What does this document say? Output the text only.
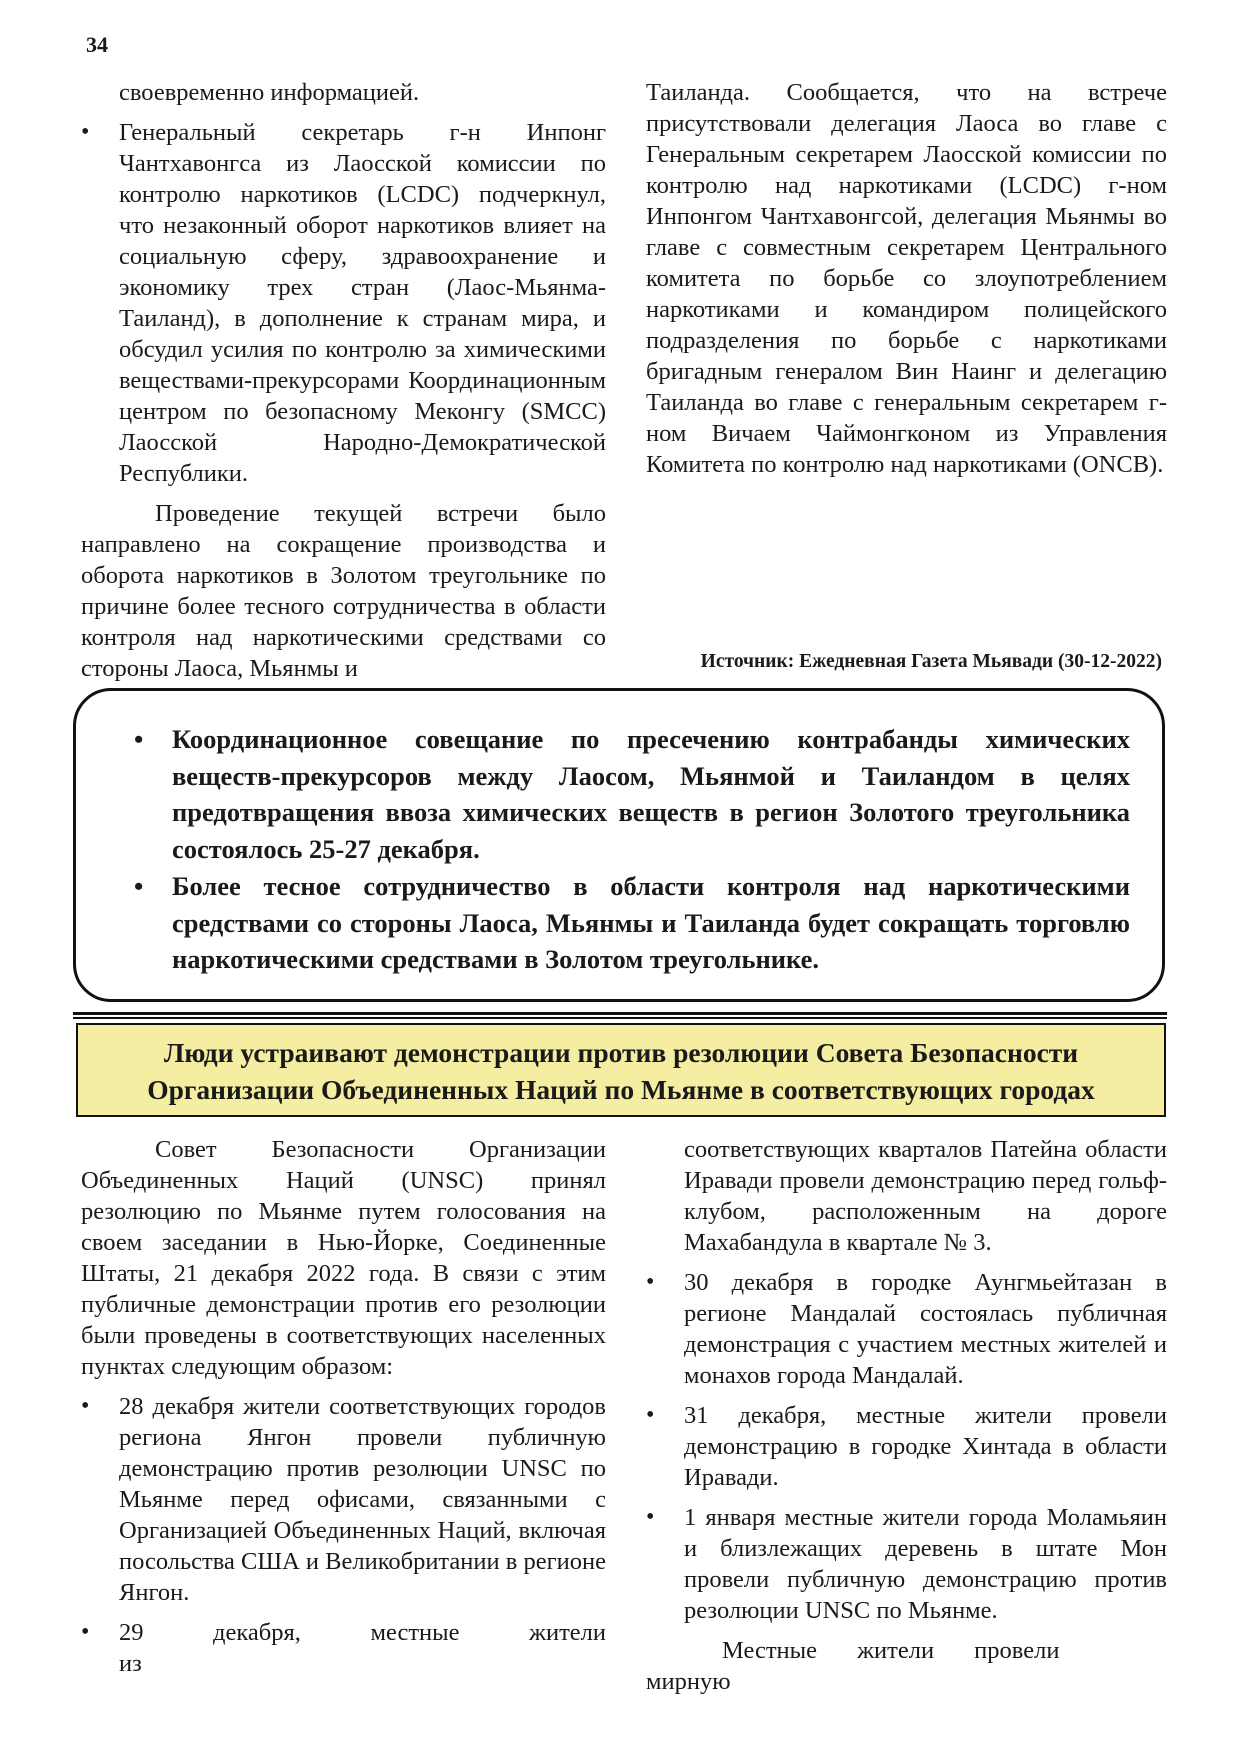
34

своевременно информацией.

• Генеральный секретарь г-н Инпонг Чантхавонгса из Лаосской комиссии по контролю наркотиков (LCDC) подчеркнул, что незаконный оборот наркотиков влияет на социальную сферу, здравоохранение и экономику трех стран (Лаос-Мьянма-Таиланд), в дополнение к странам мира, и обсудил усилия по контролю за химическими веществами-прекурсорами Координационным центром по безопасному Меконгу (SMCC) Лаосской Народно-Демократической Республики.

Проведение текущей встречи было направлено на сокращение производства и оборота наркотиков в Золотом треугольнике по причине более тесного сотрудничества в области контроля над наркотическими средствами со стороны Лаоса, Мьянмы и

Таиланда. Сообщается, что на встрече присутствовали делегация Лаоса во главе с Генеральным секретарем Лаосской комиссии по контролю над наркотиками (LCDC) г-ном Инпонгом Чантхавонгсой, делегация Мьянмы во главе с совместным секретарем Центрального комитета по борьбе со злоупотреблением наркотиками и командиром полицейского подразделения по борьбе с наркотиками бригадным генералом Вин Наинг и делегацию Таиланда во главе с генеральным секретарем г-ном Вичаем Чаймонгконом из Управления Комитета по контролю над наркотиками (ONCB).

Источник: Ежедневная Газета Мьявади (30-12-2022)

• Координационное совещание по пресечению контрабанды химических веществ-прекурсоров между Лаосом, Мьянмой и Таиландом в целях предотвращения ввоза химических веществ в регион Золотого треугольника состоялось 25-27 декабря.

• Более тесное сотрудничество в области контроля над наркотическими средствами со стороны Лаоса, Мьянмы и Таиланда будет сокращать торговлю наркотическими средствами в Золотом треугольнике.

Люди устраивают демонстрации против резолюции Совета Безопасности
Организации Объединенных Наций по Мьянме в соответствующих городах

Совет Безопасности Организации Объединенных Наций (UNSC) принял резолюцию по Мьянме путем голосования на своем заседании в Нью-Йорке, Соединенные Штаты, 21 декабря 2022 года. В связи с этим публичные демонстрации против его резолюции были проведены в соответствующих населенных пунктах следующим образом:

• 28 декабря жители соответствующих городов региона Янгон провели публичную демонстрацию против резолюции UNSC по Мьянме перед офисами, связанными с Организацией Объединенных Наций, включая посольства США и Великобритании в регионе Янгон.

• 29 декабря, местные жители из

соответствующих кварталов Патейна области Иравади провели демонстрацию перед гольф-клубом, расположенным на дороге Махабандула в квартале № 3.

• 30 декабря в городке Аунгмьейтазан в регионе Мандалай состоялась публичная демонстрация с участием местных жителей и монахов города Мандалай.

• 31 декабря, местные жители провели демонстрацию в городке Хинтада в области Иравади.

• 1 января местные жители города Моламьяин и близлежащих деревень в штате Мон провели публичную демонстрацию против резолюции UNSC по Мьянме.

Местные жители провели мирную
